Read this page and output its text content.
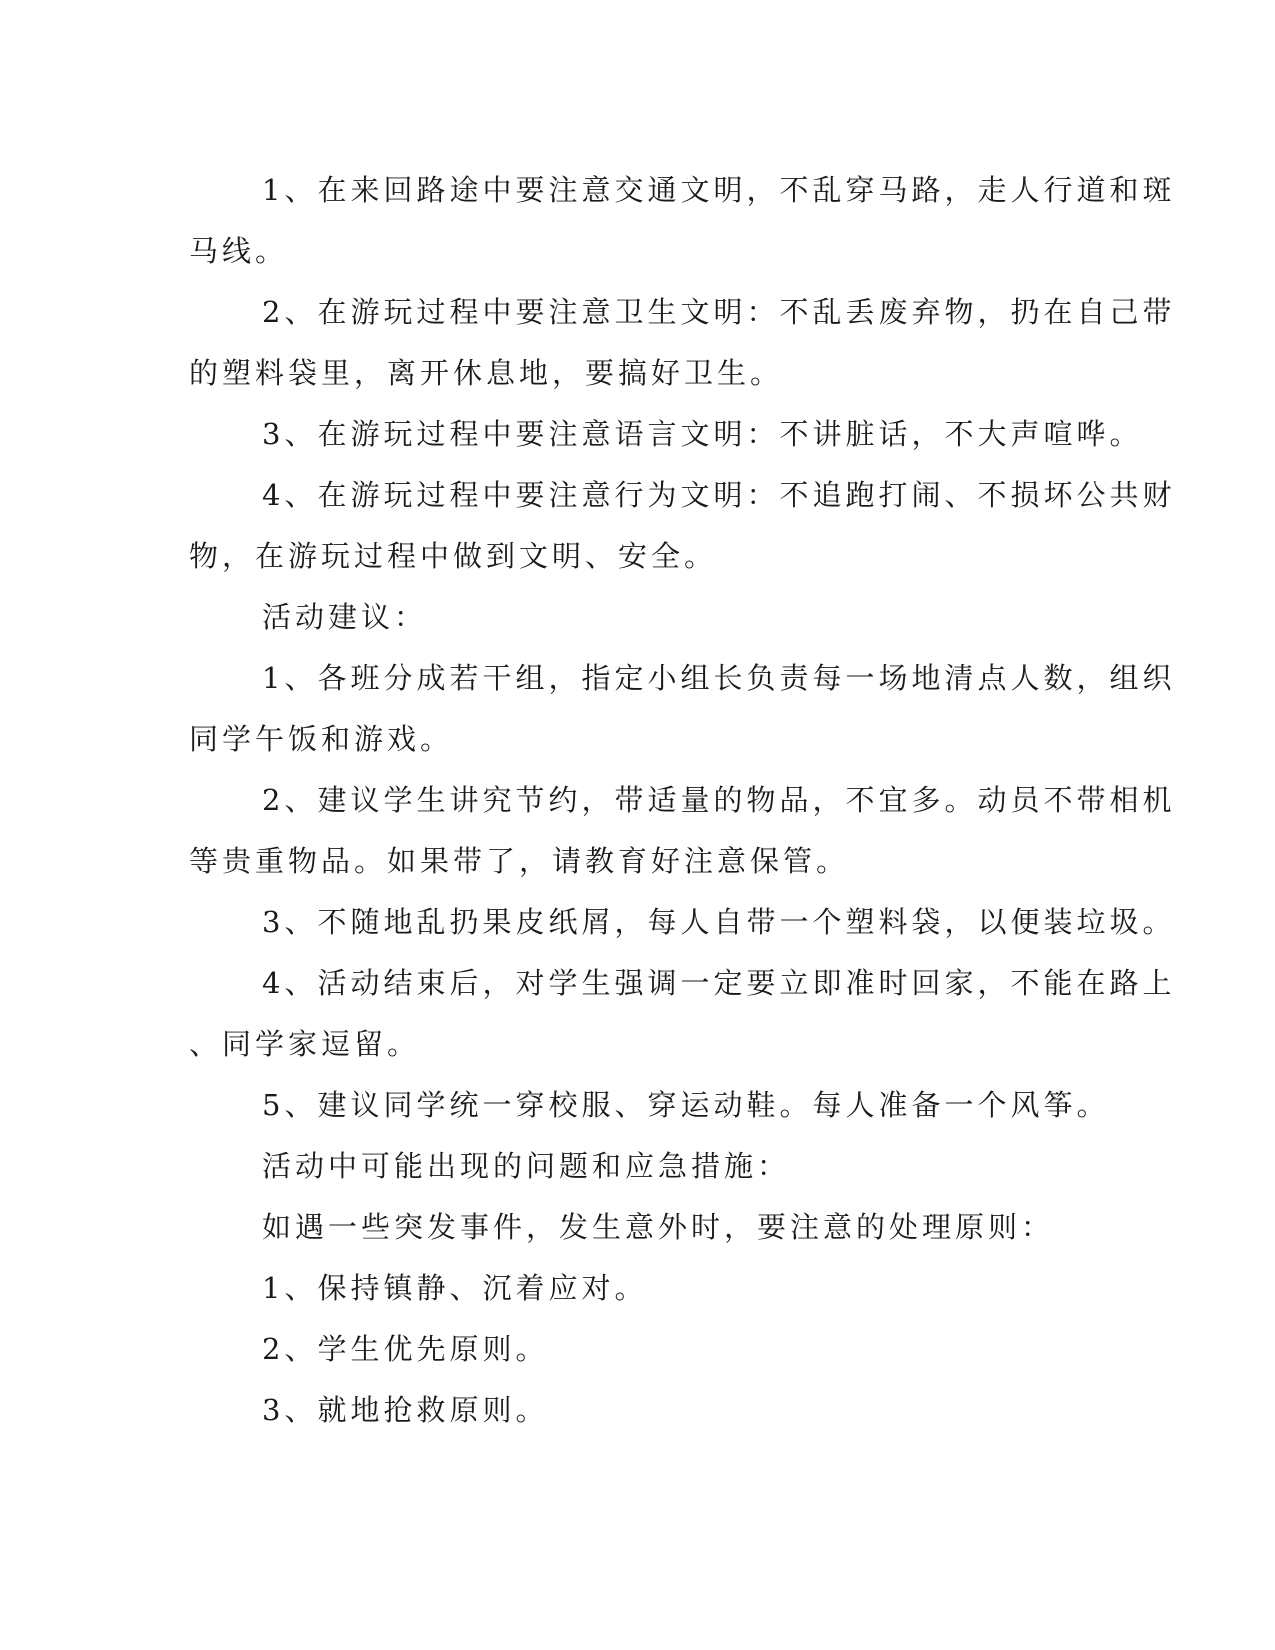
1、在来回路途中要注意交通文明，不乱穿马路，走人行道和斑
马线。
2、在游玩过程中要注意卫生文明：不乱丢废弃物，扔在自己带
的塑料袋里，离开休息地，要搞好卫生。
3、在游玩过程中要注意语言文明：不讲脏话，不大声喧哗。
4、在游玩过程中要注意行为文明：不追跑打闹、不损坏公共财
物，在游玩过程中做到文明、安全。
活动建议：
1、各班分成若干组，指定小组长负责每一场地清点人数，组织
同学午饭和游戏。
2、建议学生讲究节约，带适量的物品，不宜多。动员不带相机
等贵重物品。如果带了，请教育好注意保管。
3、不随地乱扔果皮纸屑，每人自带一个塑料袋，以便装垃圾。
4、活动结束后，对学生强调一定要立即准时回家，不能在路上
、同学家逗留。
5、建议同学统一穿校服、穿运动鞋。每人准备一个风筝。
活动中可能出现的问题和应急措施：
如遇一些突发事件，发生意外时，要注意的处理原则：
1、保持镇静、沉着应对。
2、学生优先原则。
3、就地抢救原则。
